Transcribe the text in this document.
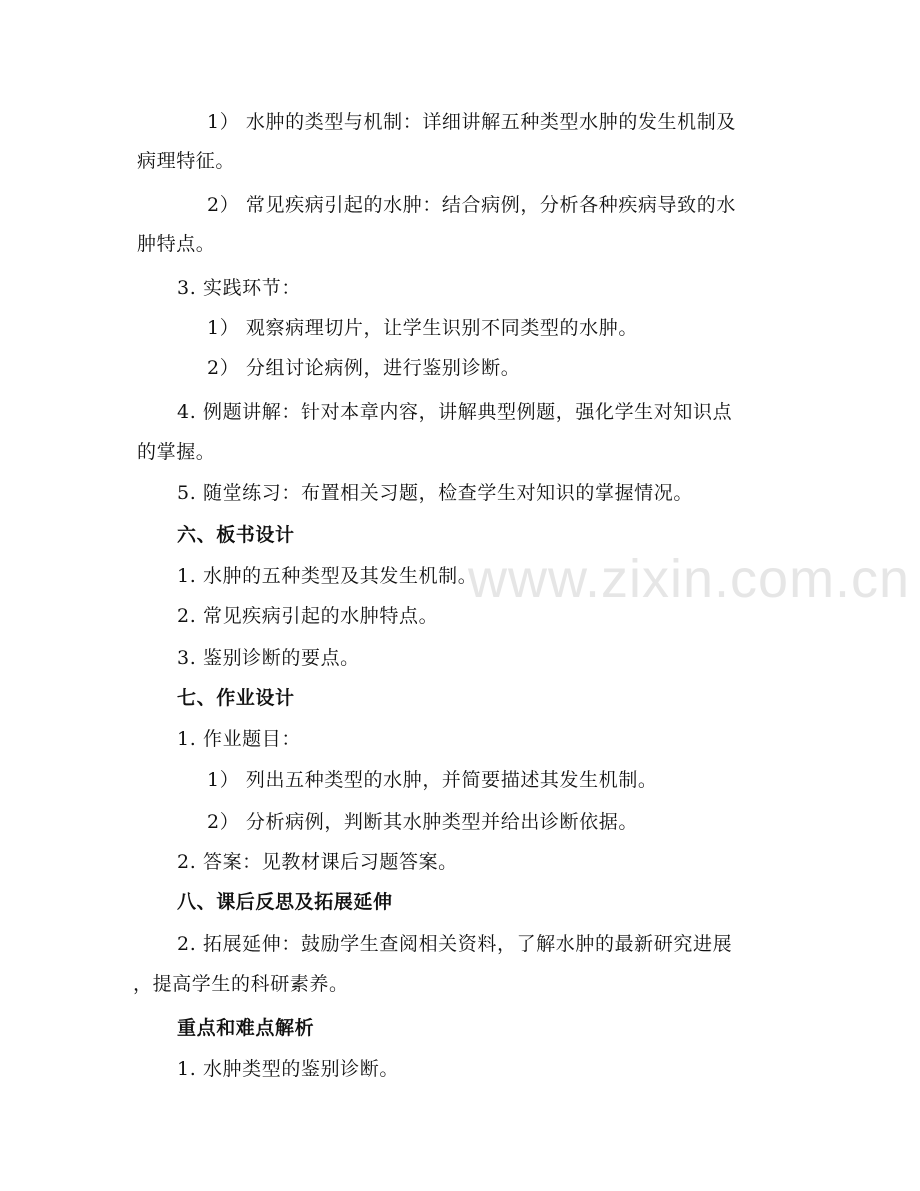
www.zixin.com.cn
1） 水肿的类型与机制：详细讲解五种类型水肿的发生机制及
病理特征。
2） 常见疾病引起的水肿：结合病例，分析各种疾病导致的水
肿特点。
3. 实践环节：
1） 观察病理切片，让学生识别不同类型的水肿。
2） 分组讨论病例，进行鉴别诊断。
4. 例题讲解：针对本章内容，讲解典型例题，强化学生对知识点
的掌握。
5. 随堂练习：布置相关习题，检查学生对知识的掌握情况。
六、板书设计
1. 水肿的五种类型及其发生机制。
2. 常见疾病引起的水肿特点。
3. 鉴别诊断的要点。
七、作业设计
1. 作业题目：
1） 列出五种类型的水肿，并简要描述其发生机制。
2） 分析病例，判断其水肿类型并给出诊断依据。
2. 答案：见教材课后习题答案。
八、课后反思及拓展延伸
2. 拓展延伸：鼓励学生查阅相关资料，了解水肿的最新研究进展
，提高学生的科研素养。
重点和难点解析
1. 水肿类型的鉴别诊断。
